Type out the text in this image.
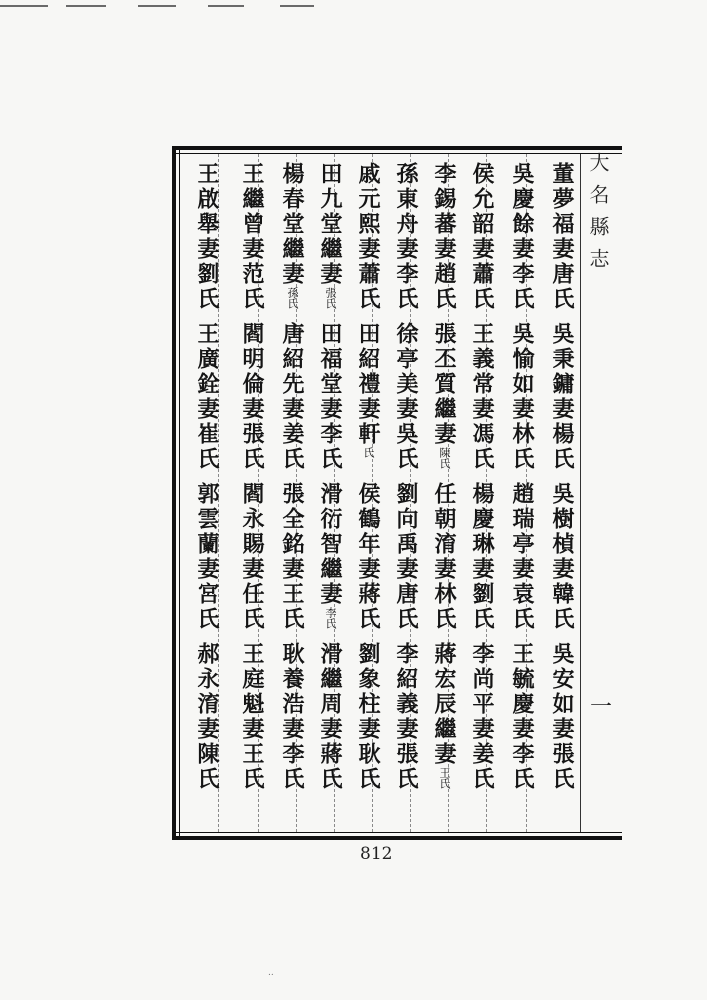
董夢福妻唐氏
吳秉鏞妻楊氏
吳樹楨妻韓氏
吳安如妻張氏
吳慶餘妻李氏
吳愉如妻林氏
趙瑞亭妻袁氏
王毓慶妻李氏
侯允韶妻蕭氏
王義常妻馮氏
楊慶琳妻劉氏
李尚平妻姜氏
李錫蕃妻趙氏
張丕質繼妻陳氏
任朝淯妻林氏
蔣宏辰繼妻王氏
孫東舟妻李氏
徐亭美妻吳氏
劉向禹妻唐氏
李紹義妻張氏
戚元熙妻蕭氏
田紹禮妻軒氏
侯鶴年妻蔣氏
劉象柱妻耿氏
田九堂繼妻張氏
田福堂妻李氏
滑衍智繼妻李氏
滑繼周妻蔣氏
楊春堂繼妻孫氏
唐紹先妻姜氏
張全銘妻王氏
耿養浩妻李氏
王繼曾妻范氏
閻明倫妻張氏
閻永賜妻任氏
王庭魁妻王氏
王啟舉妻劉氏
王廣銓妻崔氏
郭雲蘭妻宮氏
郝永淯妻陳氏
大名縣志
一
812
..
